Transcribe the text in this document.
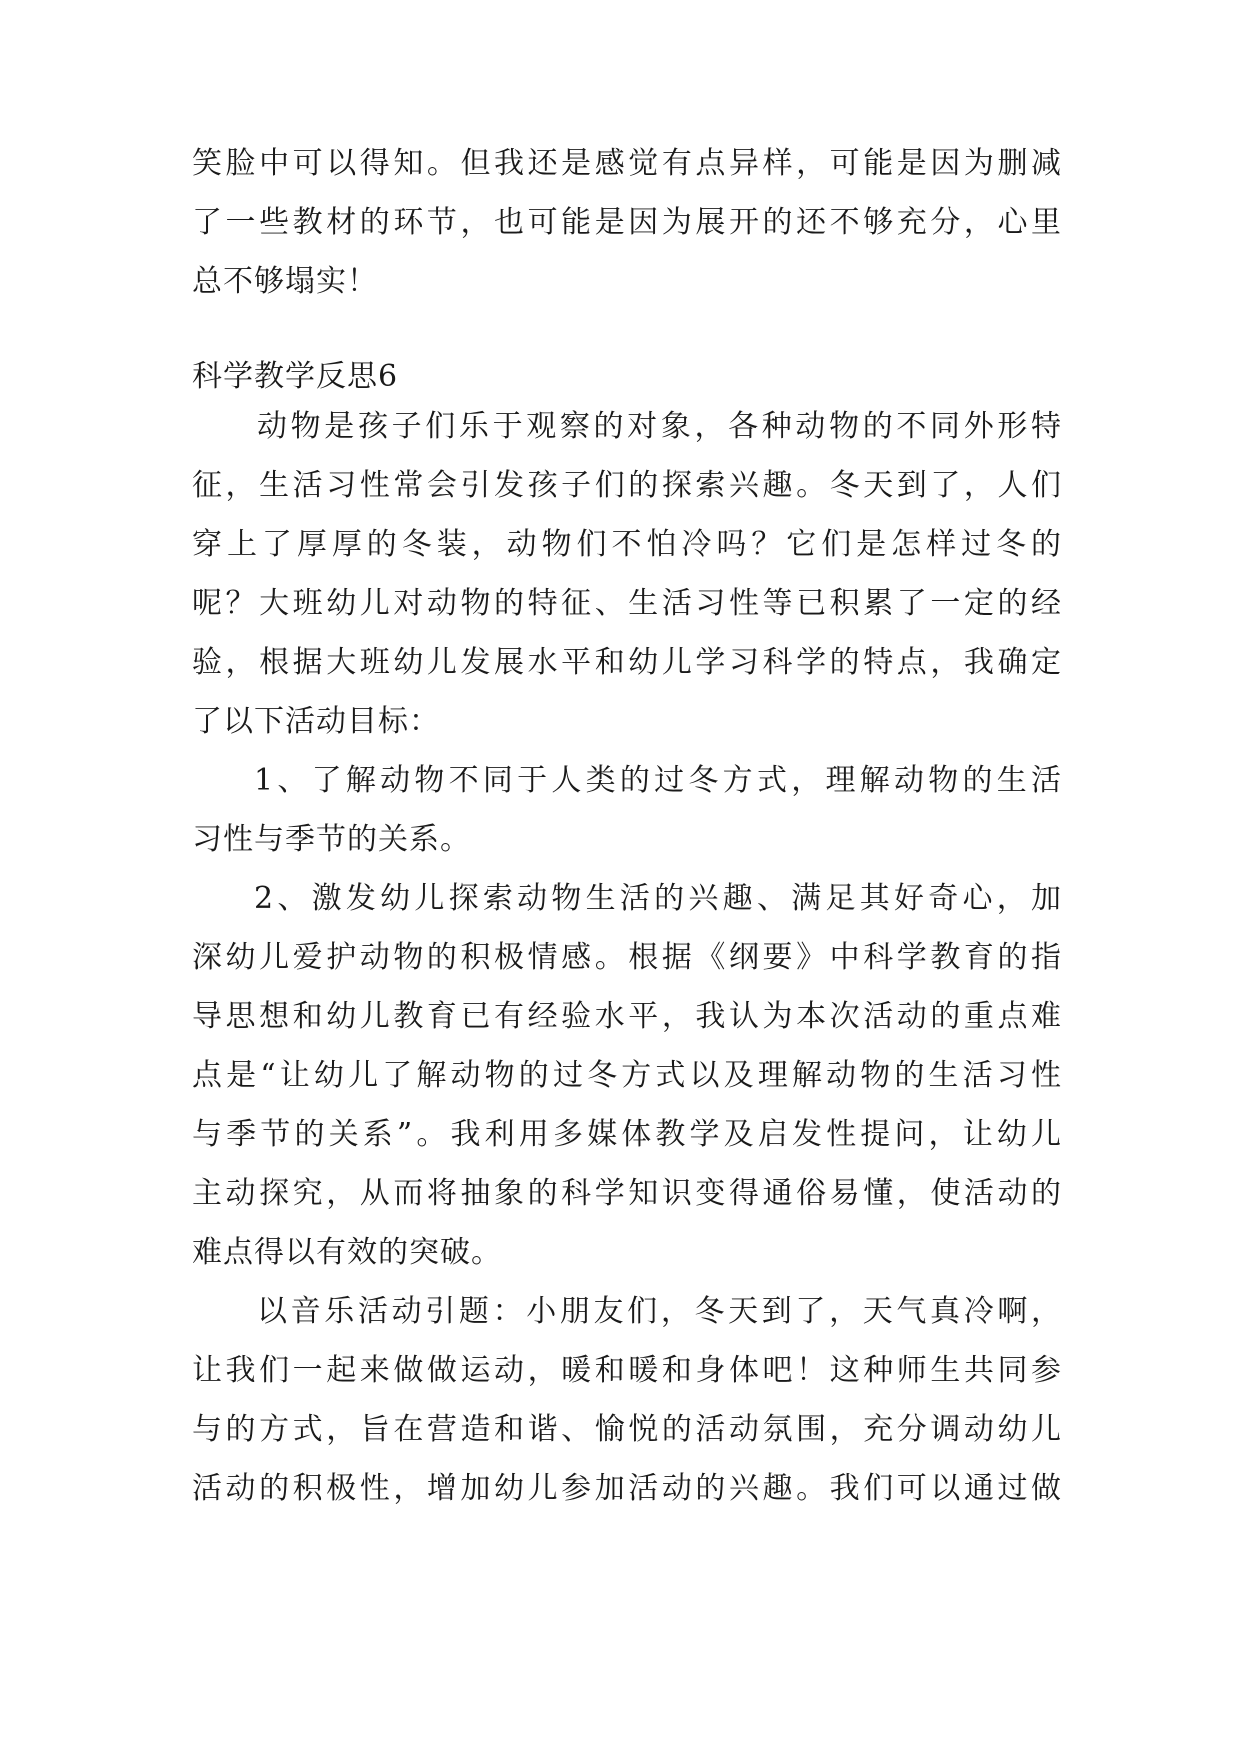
笑脸中可以得知。但我还是感觉有点异样，可能是因为删减
了一些教材的环节，也可能是因为展开的还不够充分，心里
总不够塌实！
科学教学反思6
动物是孩子们乐于观察的对象，各种动物的不同外形特
征，生活习性常会引发孩子们的探索兴趣。冬天到了，人们
穿上了厚厚的冬装，动物们不怕冷吗？它们是怎样过冬的
呢？大班幼儿对动物的特征、生活习性等已积累了一定的经
验，根据大班幼儿发展水平和幼儿学习科学的特点，我确定
了以下活动目标：
1、了解动物不同于人类的过冬方式，理解动物的生活
习性与季节的关系。
2、激发幼儿探索动物生活的兴趣、满足其好奇心，加
深幼儿爱护动物的积极情感。根据《纲要》中科学教育的指
导思想和幼儿教育已有经验水平，我认为本次活动的重点难
点是“让幼儿了解动物的过冬方式以及理解动物的生活习性
与季节的关系”。我利用多媒体教学及启发性提问，让幼儿
主动探究，从而将抽象的科学知识变得通俗易懂，使活动的
难点得以有效的突破。
以音乐活动引题：小朋友们，冬天到了，天气真冷啊，
让我们一起来做做运动，暖和暖和身体吧！这种师生共同参
与的方式，旨在营造和谐、愉悦的活动氛围，充分调动幼儿
活动的积极性，增加幼儿参加活动的兴趣。我们可以通过做
